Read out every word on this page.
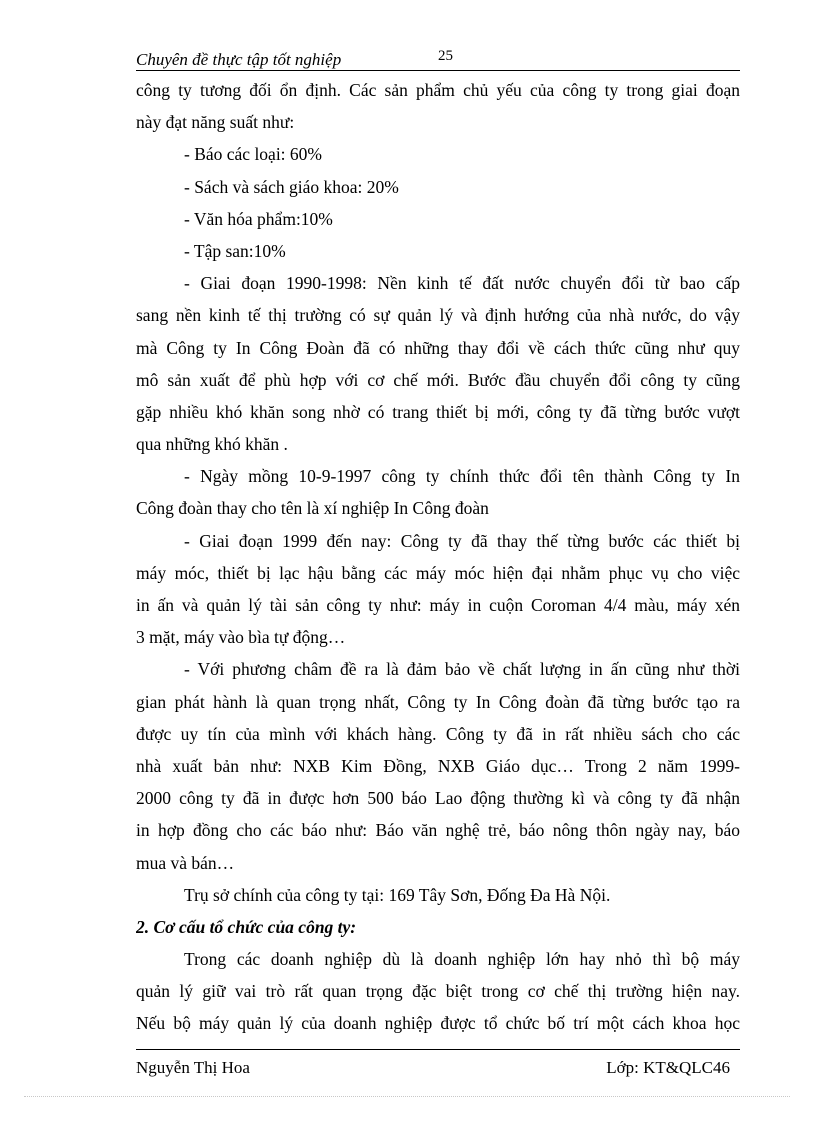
Chuyên đề thực tập tốt nghiệp	25
công ty tương đối ổn định. Các sản phẩm chủ yếu của công ty trong giai đoạn
này đạt năng suất như:
- Báo các loại: 60%
- Sách và sách giáo khoa: 20%
- Văn hóa phẩm:10%
- Tập san:10%
- Giai đoạn 1990-1998: Nền kinh tế đất nước chuyển đổi từ bao cấp
sang nền kinh tế thị trường có sự quản lý và định hướng của nhà nước, do vậy
mà Công ty In Công Đoàn đã có những thay đổi về cách thức cũng như quy
mô sản xuất để phù hợp với cơ chế mới. Bước đầu chuyển đổi công ty cũng
gặp nhiều khó khăn song nhờ có trang thiết bị mới, công ty đã từng bước vượt
qua những khó khăn .
- Ngày mồng 10-9-1997 công ty chính thức đổi tên thành Công ty In
Công đoàn thay cho tên là xí nghiệp In Công đoàn
- Giai đoạn 1999 đến nay: Công ty đã thay thế từng bước các thiết bị
máy móc, thiết bị lạc hậu bằng các máy móc hiện đại nhằm phục vụ cho việc
in ấn và quản lý tài sản công ty như: máy in cuộn Coroman 4/4 màu, máy xén
3 mặt, máy vào bìa tự động…
- Với phương châm đề ra là đảm bảo về chất lượng in ấn cũng như thời
gian phát hành là quan trọng nhất, Công ty In Công đoàn đã từng bước tạo ra
được uy tín của mình với khách hàng. Công ty đã in rất nhiều sách cho các
nhà xuất bản như: NXB Kim Đồng, NXB Giáo dục… Trong 2 năm 1999-
2000 công ty đã in được hơn 500 báo Lao động thường kì và công ty đã nhận
in hợp đồng cho các báo như: Báo văn nghệ trẻ, báo nông thôn ngày nay, báo
mua và bán…
Trụ sở chính của công ty tại: 169 Tây Sơn, Đống Đa Hà Nội.
2. Cơ cấu tổ chức của công ty:
Trong các doanh nghiệp dù là doanh nghiệp lớn hay nhỏ thì bộ máy
quản lý giữ vai trò rất quan trọng đặc biệt trong cơ chế thị trường hiện nay.
Nếu bộ máy quản lý của doanh nghiệp được tổ chức bố trí một cách khoa học
Nguyễn Thị Hoa	Lớp: KT&QLC46
